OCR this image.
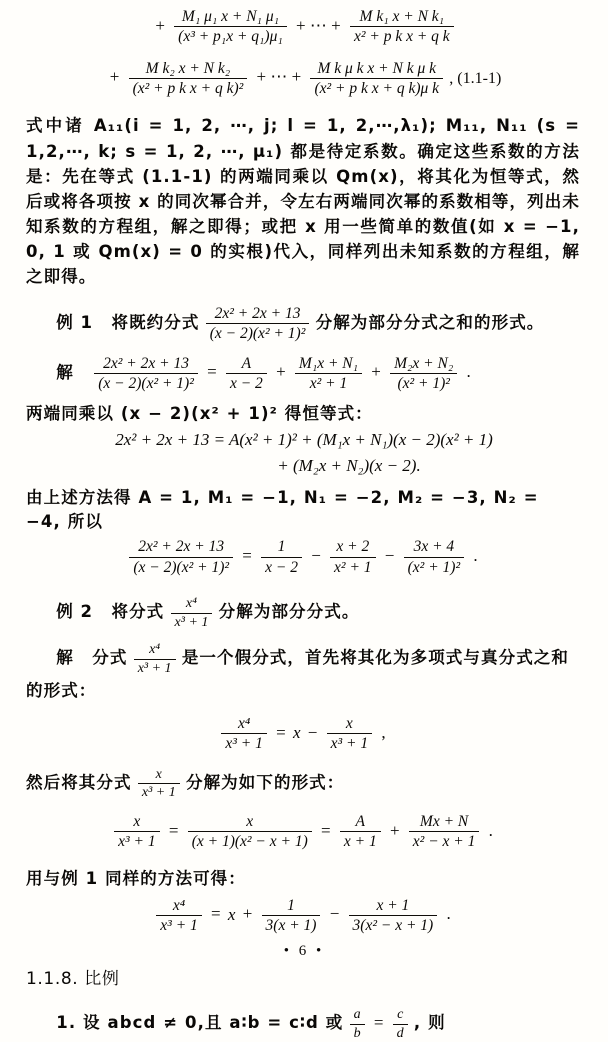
+ $\frac{\text{M₁ μ₁ x + N₁ μ₁}}{\text{(x³ + p₁x + q₁)μ₁}}$ + ⋯ + $\frac{\text{M k₁ x + N k₁}}{\text{x² + p k x + q k}}$
+ $\frac{\text{M k₂ x + N k₂}}{\text{(x² + p k x + q k)²}}$ + ⋯ + $\frac{\text{M k μ k x + N k μ k}}{\text{(x² + p k x + q k)μ k}}$ , (1.1-1)

式中诸 A₁₁(i = 1, 2, ⋯, j; l = 1, 2,⋯,λ₁); M₁₁, N₁₁ (s = 1,2,⋯, k; s = 1, 2, ⋯, μ₁) 都是待定系数。确定这些系数的方法是：先在等式 (1.1-1) 的两端同乘以 Qm(x)，将其化为恒等式，然后或将各项按 x 的同次幂合并，令左右两端同次幂的系数相等，列出未知系数的方程组，解之即得；或把 x 用一些简单的数值(如 x = −1, 0, 1 或 Qm(x) = 0 的实根)代入，同样列出未知系数的方程组，解之即得。

例 1 将既约分式 $\frac{\text{2x² + 2x + 13}}{\text{(x − 2)(x² + 1)²}}$ 分解为部分分式之和的形式。
解 $\frac{\text{2x² + 2x + 13}}{\text{(x − 2)(x² + 1)²}} = \frac{A}{x - 2} + \frac{\text{M₁x + N₁}}{\text{x² + 1}} + \frac{\text{M₂x + N₂}}{\text{(x² + 1)²}}$ .
两端同乘以 (x − 2)(x² + 1)² 得恒等式：
2x² + 2x + 13 = A(x² + 1)² + (M₁x + N₁)(x − 2)(x² + 1)
+ (M₂x + N₂)(x − 2).
由上述方法得 A = 1, M₁ = −1, N₁ = −2, M₂ = −3, N₂ = −4, 所以
$\frac{\text{2x² + 2x + 13}}{\text{(x − 2)(x² + 1)²}} = \frac{1}{x - 2} - \frac{x + 2}{\text{x² + 1}} - \frac{3x + 4}{\text{(x² + 1)²}}$ .
例 2 将分式 $\frac{\text{x⁴}}{\text{x³ + 1}}$ 分解为部分分式。
解 分式 $\frac{\text{x⁴}}{\text{x³ + 1}}$ 是一个假分式，首先将其化为多项式与真分式之和的形式：
$\frac{\text{x⁴}}{\text{x³ + 1}} = x - \frac{x}{\text{x³ + 1}}$ ,
然后将其分式 $\frac{x}{\text{x³ + 1}}$ 分解为如下的形式：
$\frac{x}{\text{x³ + 1}} = \frac{x}{\text{(x + 1)(x² − x + 1)}} = \frac{A}{x + 1} + \frac{Mx + N}{\text{x² − x + 1}}$ .
用与例 1 同样的方法可得：
$\frac{\text{x⁴}}{\text{x³ + 1}} = x + \frac{1}{3(x + 1)} - \frac{x + 1}{\text{3(x² − x + 1)}}$ .
1.1.8. 比例
1. 设 abcd ≠ 0,且 a∶b = c∶d 或 $\frac{a}{b} = \frac{c}{d}$ , 则
• 6 •
